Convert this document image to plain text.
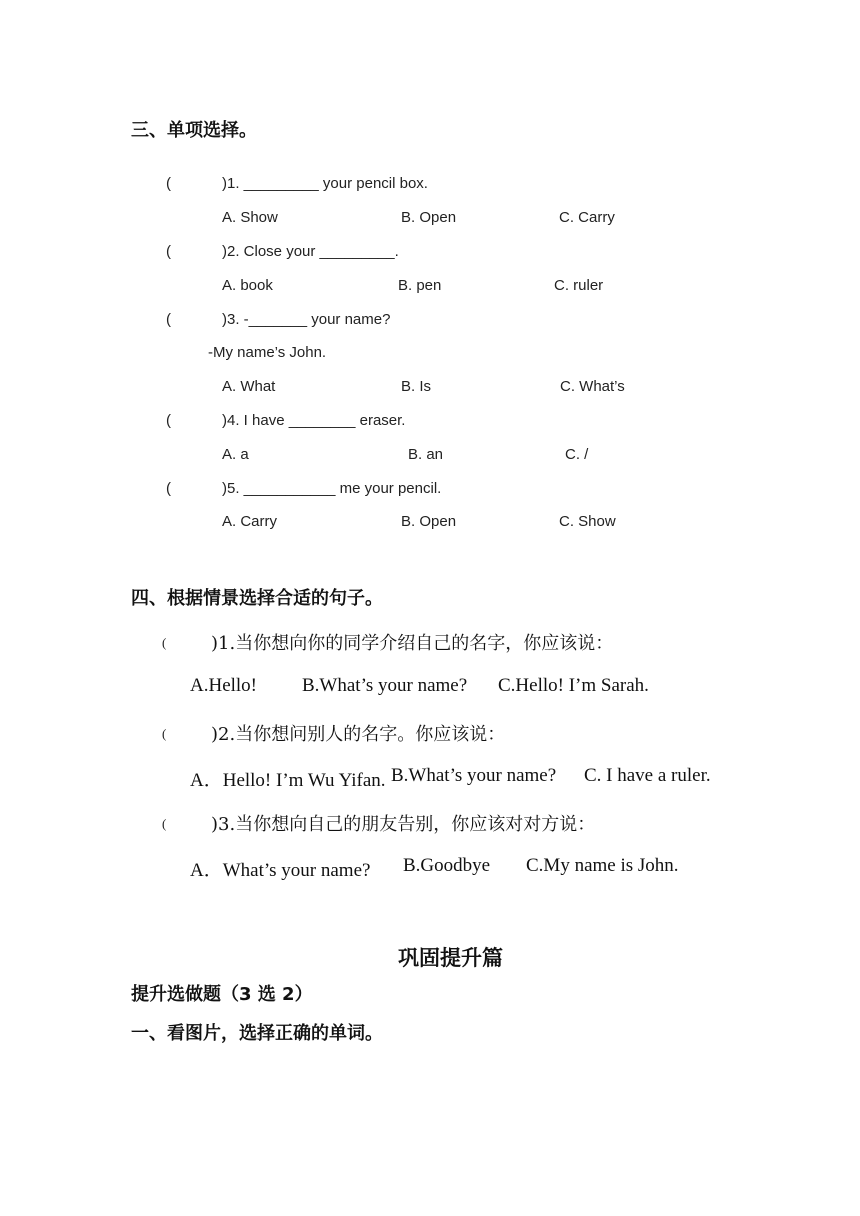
三、单项选择。
(	)1. _________ your pencil box.
A. Show	B. Open	C. Carry
(	)2. Close your _________.
A. book	B. pen	C. ruler
(	)3. -_______ your name?
-My name’s John.
A. What	B. Is	C. What’s
(	)4. I have ________ eraser.
A. a	B. an	C. /
(	)5. ___________ me your pencil.
A. Carry	B. Open	C. Show
四、根据情景选择合适的句子。
( )1.当你想向你的同学介绍自己的名字，你应该说：
A.Hello! B.What’s your name? C.Hello! I’m Sarah.
( )2.当你想问别人的名字。你应该说：
A．Hello! I’m Wu Yifan. B.What’s your name? C. I have a ruler.
( )3.当你想向自己的朋友告别，你应该对对方说：
A．What’s your name? B.Goodbye C.My name is John.
巩固提升篇
提升选做题（3 选 2）
一、看图片，选择正确的单词。
